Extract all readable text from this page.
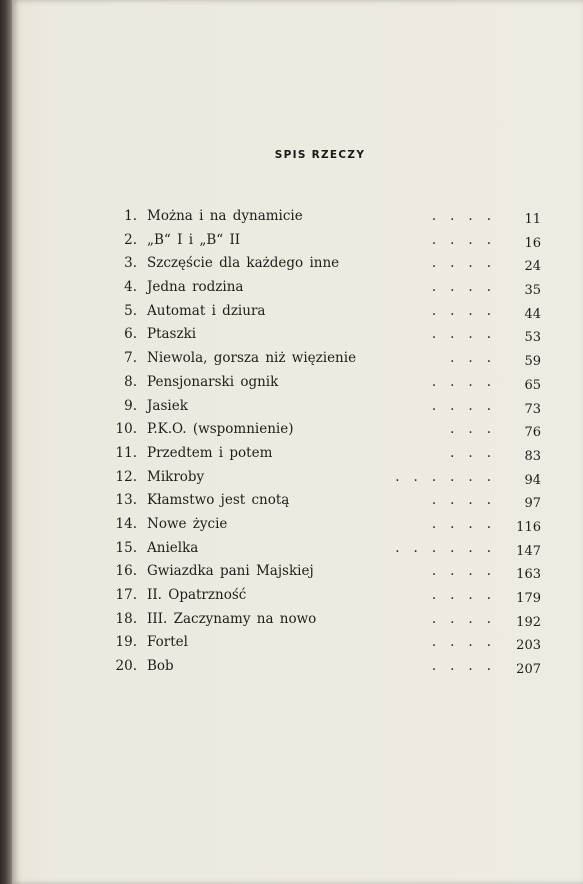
SPIS RZECZY
1. Można i na dynamicie	....	11
2. „B“ I i „B“ II	....	16
3. Szczęście dla każdego inne	....	24
4. Jedna rodzina	....	35
5. Automat i dziura	....	44
6. Ptaszki	....	53
7. Niewola, gorsza niż więzienie	...	59
8. Pensjonarski ognik	....	65
9. Jasiek	....	73
10. P.K.O. (wspomnienie)	...	76
11. Przedtem i potem	...	83
12. Mikroby	......	94
13. Kłamstwo jest cnotą	....	97
14. Nowe życie	.... 116
15. Anielka	...... 147
16. Gwiazdka pani Majskiej	.... 163
17. II. Opatrzność	.... 179
18. III. Zaczynamy na nowo	.... 192
19. Fortel	.... 203
20. Bob	.... 207
